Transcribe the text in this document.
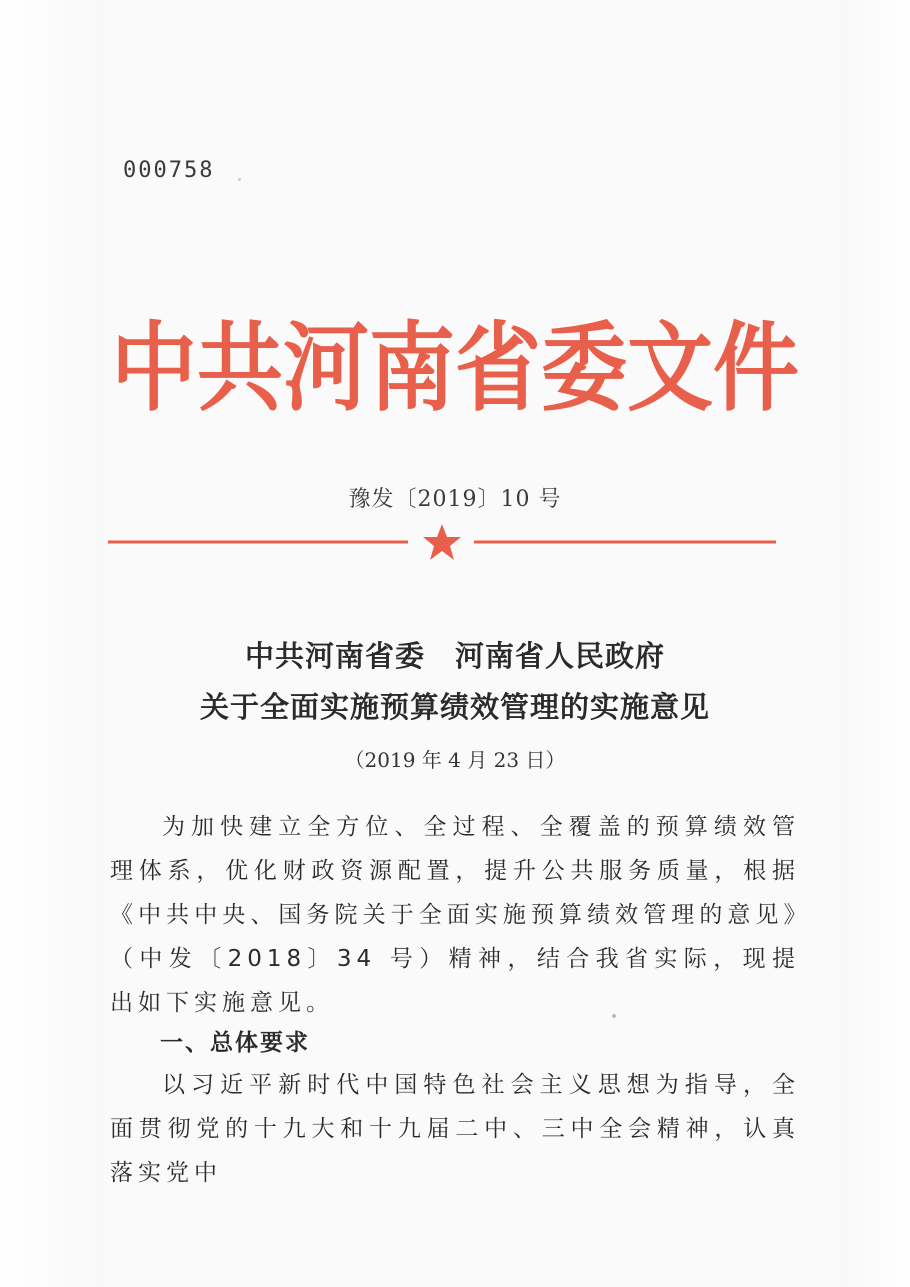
000758
中共河南省委文件
豫发〔2019〕10 号
中共河南省委　河南省人民政府
关于全面实施预算绩效管理的实施意见
（2019 年 4 月 23 日）
为加快建立全方位、全过程、全覆盖的预算绩效管理体系，优化财政资源配置，提升公共服务质量，根据《中共中央、国务院关于全面实施预算绩效管理的意见》（中发〔2018〕34 号）精神，结合我省实际，现提出如下实施意见。
一、总体要求
以习近平新时代中国特色社会主义思想为指导，全面贯彻党的十九大和十九届二中、三中全会精神，认真落实党中
